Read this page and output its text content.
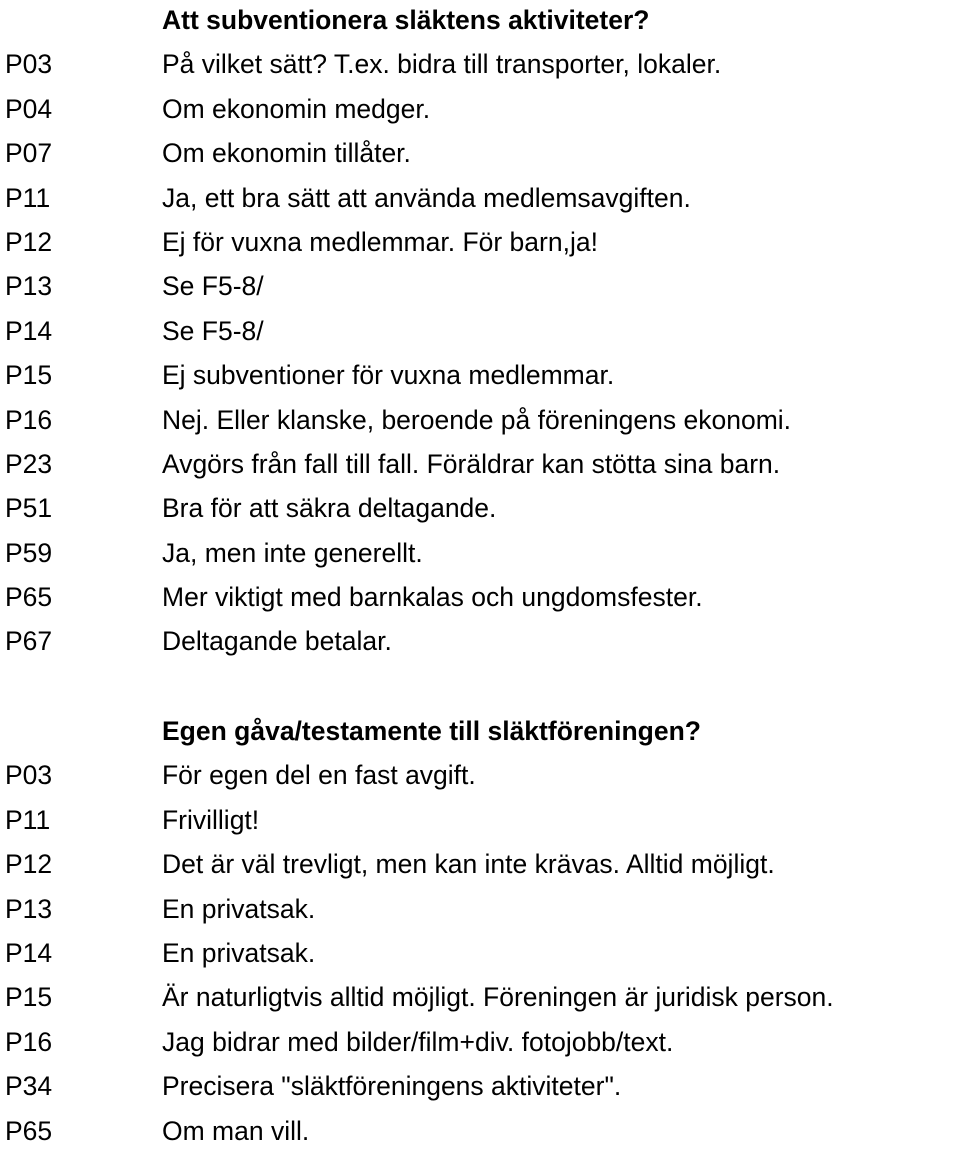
Att subventionera släktens aktiviteter?
P03	På vilket sätt? T.ex. bidra till transporter, lokaler.
P04	Om ekonomin medger.
P07	Om ekonomin tillåter.
P11	Ja, ett bra sätt att använda medlemsavgiften.
P12	Ej för vuxna medlemmar. För barn,ja!
P13	Se F5-8/
P14	Se F5-8/
P15	Ej subventioner för vuxna medlemmar.
P16	Nej. Eller klanske, beroende på föreningens ekonomi.
P23	Avgörs från fall till fall. Föräldrar kan stötta sina barn.
P51	Bra för att säkra deltagande.
P59	Ja, men inte generellt.
P65	Mer viktigt med barnkalas och ungdomsfester.
P67	Deltagande betalar.
Egen gåva/testamente till släktföreningen?
P03	För egen del en fast avgift.
P11	Frivilligt!
P12	Det är väl trevligt, men kan inte krävas. Alltid möjligt.
P13	En privatsak.
P14	En privatsak.
P15	Är naturligtvis alltid möjligt. Föreningen är juridisk person.
P16	Jag bidrar med bilder/film+div. fotojobb/text.
P34	Precisera "släktföreningens aktiviteter".
P65	Om man vill.
